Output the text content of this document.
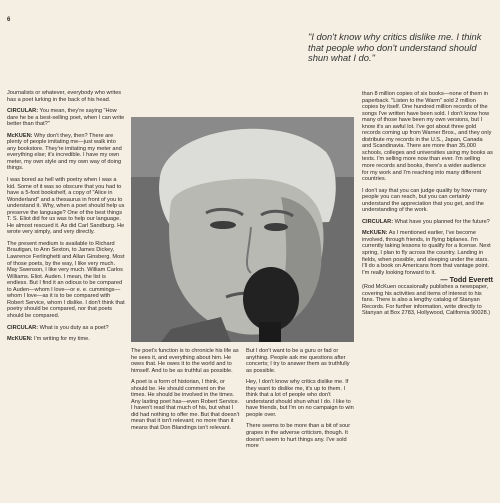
6
"I don't know why critics dislike me. I think that people who don't understand should shun what I do."

Journalists or whatever, everybody who writes has a poet lurking in the back of his head.

CIRCULAR: You mean, they're saying "How dare he be a best-selling poet, when I can write better than that?"

McKUEN: Why don't they, then? There are plenty of people imitating me—just walk into any bookstore. They're imitating my meter and everything else; it's incredible. I have my own meter, my own style and my own way of doing things.

I was bored as hell with poetry when I was a kid. Some of it was so obscure that you had to have a 5-foot bookshelf, a copy of "Alice in Wonderland" and a thesaurus in front of you to understand it. Why, when a poet should help us preserve the language? One of the best things T. S. Eliot did for us was to help our language. He almost rescued it. As did Carl Sandburg. He wrote very simply, and very directly.

The present medium is available to Richard Brautigan, to Ann Sexton, to James Dickey, Lawrence Ferlinghetti and Allan Ginsberg. Most of those poets, by the way, I like very much. May Swenson, I like very much. William Carlos Williams. Eliot. Auden. I mean, the list is endless. But I find it an odious to be compared to Auden—whom I love—or e. e. cummings—whom I love—as it is to be compared with Robert Service, whom I dislike. I don't think that poetry should be compared, nor that poets should be compared.

CIRCULAR: What is you duty as a poet?

McKUEN: I'm writing for my time.

The poet's function is to chronicle his life as he sees it, and everything about him. He owes that. He owes it to the world and to himself. And to be as truthful as possible.

A poet is a form of historian, I think, or should be. He should comment on the times. He should be involved in the times. Any lasting poet has—even Robert Service. I haven't read that much of his, but what I did had nothing to offer me. But that doesn't mean that it isn't relevant; no more than it means that Don Blandings isn't relevant.

But I don't want to be a guru or fad or anything. People ask me questions after concerts; I try to answer them as truthfully as possible.

Hey, I don't know why critics dislike me. If they want to dislike me, it's up to them. I think that a lot of people who don't understand should shun what I do. I like to have friends, but I'm on no campaign to win people over.

There seems to be more than a bit of sour grapes in the adverse criticism, though. It doesn't seem to hurt things any. I've sold more

than 8 million copies of six books—none of them in paperback. "Listen to the Warm" sold 2 million copies by itself. One hundred million records of the songs I've written have been sold. I don't know how many of those have been my own versions, but I know it's an awful lot. I've got about three gold records coming up from Warner Bros., and they only distribute my records in the U.S., Japan, Canada and Scandinavia. There are more than 35,000 schools, colleges and universities using my books as texts. I'm selling more now than ever. I'm selling more records and books, there's a wider audience for my work and I'm reaching into many different countries.

I don't say that you can judge quality by how many people you can reach, but you can certainly understand the appreciation that you get, and the understanding of the work.

CIRCULAR: What have you planned for the future?

McKUEN: As I mentioned earlier, I've become involved, through friends, in flying biplanes. I'm currently taking lessons to qualify for a license. Next spring, I plan to fly across the country. Landing in fields, when possible, and sleeping under the stars. I'll do a book on Americans from that vantage point. I'm really looking forward to it.

— Todd Everett

(Rod McKuen occasionally publishes a newspaper, covering his activities and items of interest to his fans. There is also a lengthy catalog of Stanyan Records. For further information, write directly to Stanyan at Box 2783, Hollywood, California 90028.)
